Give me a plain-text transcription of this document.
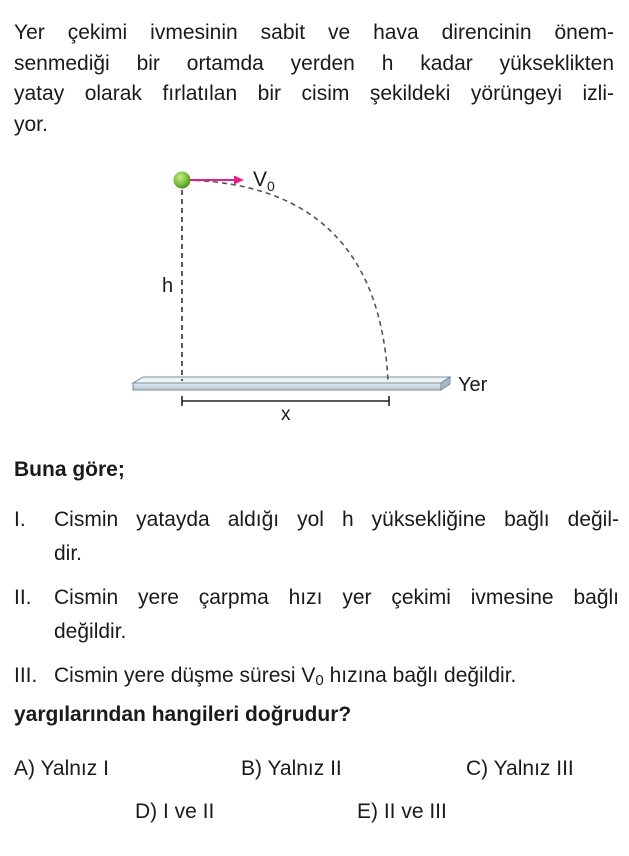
Yer çekimi ivmesinin sabit ve hava direncinin önem-
senmediği bir ortamda yerden h kadar yükseklikten
yatay olarak fırlatılan bir cisim şekildeki yörüngeyi izli-
yor.
$V_0$
h
Yer
x
Buna göre;
I. Cismin yatayda aldığı yol h yüksekliğine bağlı değil-
dir.
II. Cismin yere çarpma hızı yer çekimi ivmesine bağlı
değildir.
III. Cismin yere düşme süresi $V_0$ hızına bağlı değildir.
yargılarından hangileri doğrudur?
A) Yalnız I	B) Yalnız II	C) Yalnız III
D) I ve II	E) II ve III
